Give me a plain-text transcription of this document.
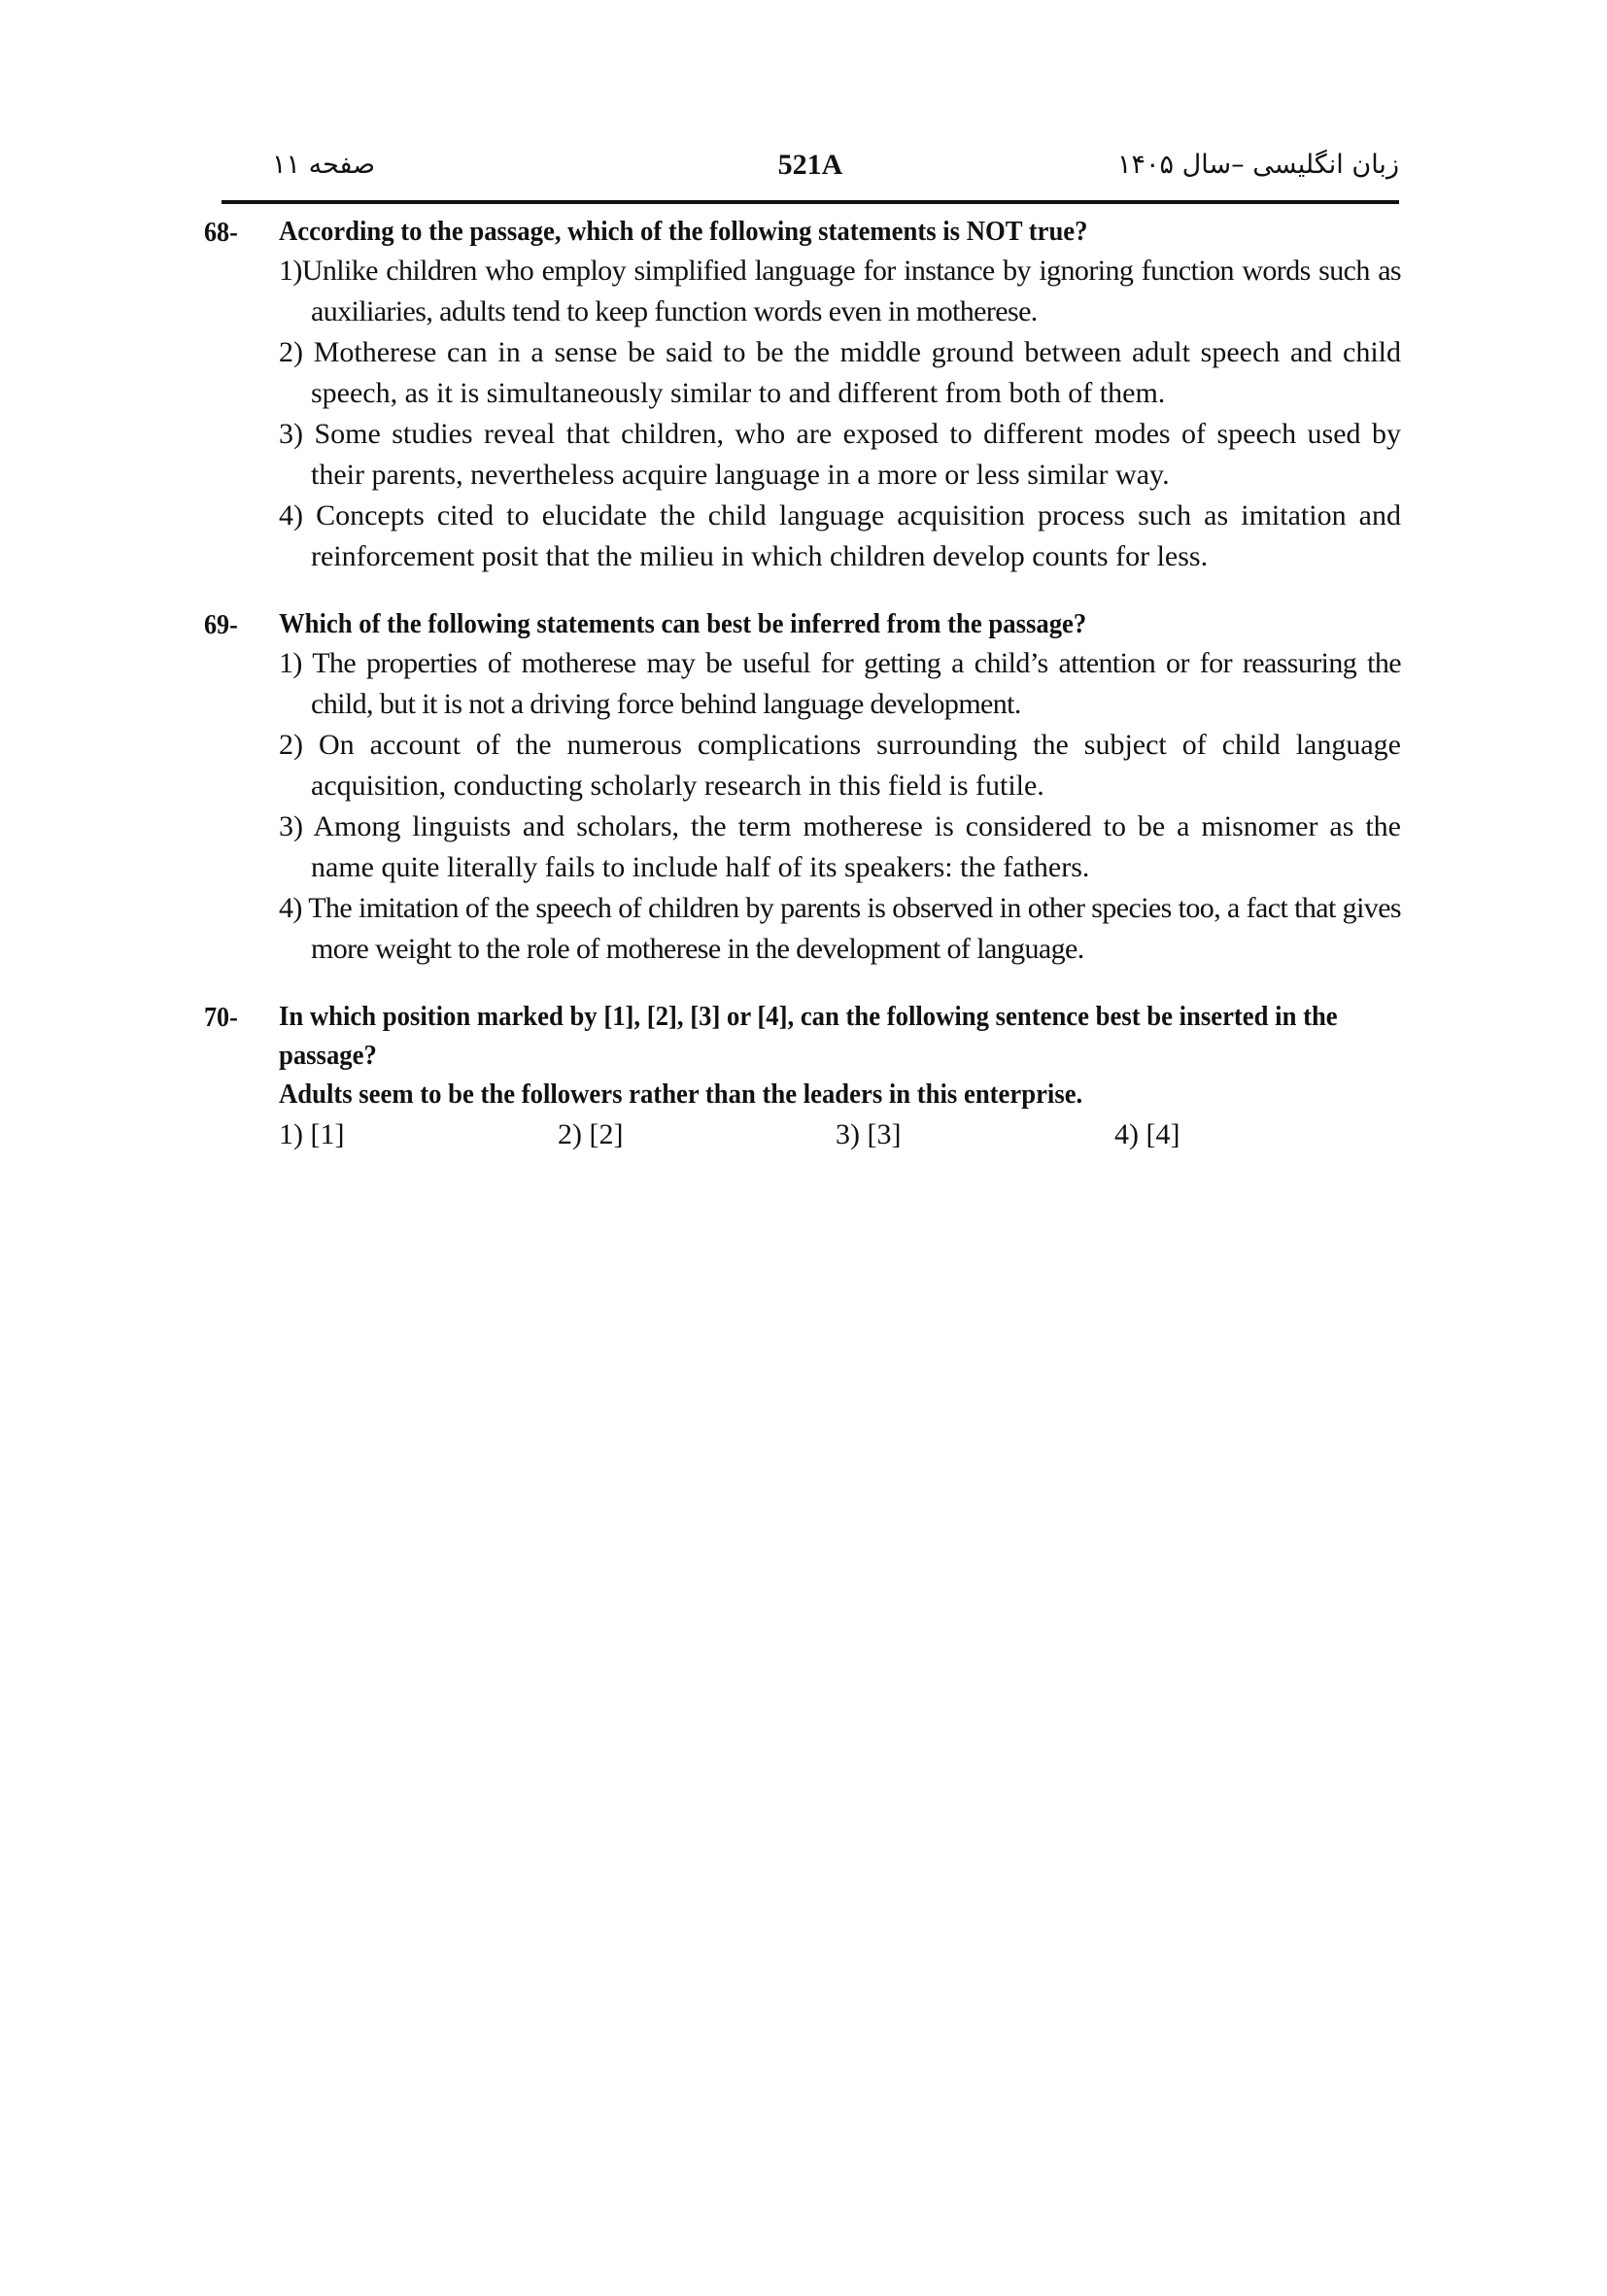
صفحه ۱۱	521A	زبان انگلیسی –سال ۱۴۰۵
68- According to the passage, which of the following statements is NOT true?
1)Unlike children who employ simplified language for instance by ignoring function words such as auxiliaries, adults tend to keep function words even in motherese.
2) Motherese can in a sense be said to be the middle ground between adult speech and child speech, as it is simultaneously similar to and different from both of them.
3) Some studies reveal that children, who are exposed to different modes of speech used by their parents, nevertheless acquire language in a more or less similar way.
4) Concepts cited to elucidate the child language acquisition process such as imitation and reinforcement posit that the milieu in which children develop counts for less.
69- Which of the following statements can best be inferred from the passage?
1) The properties of motherese may be useful for getting a child’s attention or for reassuring the child, but it is not a driving force behind language development.
2) On account of the numerous complications surrounding the subject of child language acquisition, conducting scholarly research in this field is futile.
3) Among linguists and scholars, the term motherese is considered to be a misnomer as the name quite literally fails to include half of its speakers: the fathers.
4) The imitation of the speech of children by parents is observed in other species too, a fact that gives more weight to the role of motherese in the development of language.
70- In which position marked by [1], [2], [3] or [4], can the following sentence best be inserted in the passage?
Adults seem to be the followers rather than the leaders in this enterprise.
1) [1]	2) [2]	3) [3]	4) [4]
